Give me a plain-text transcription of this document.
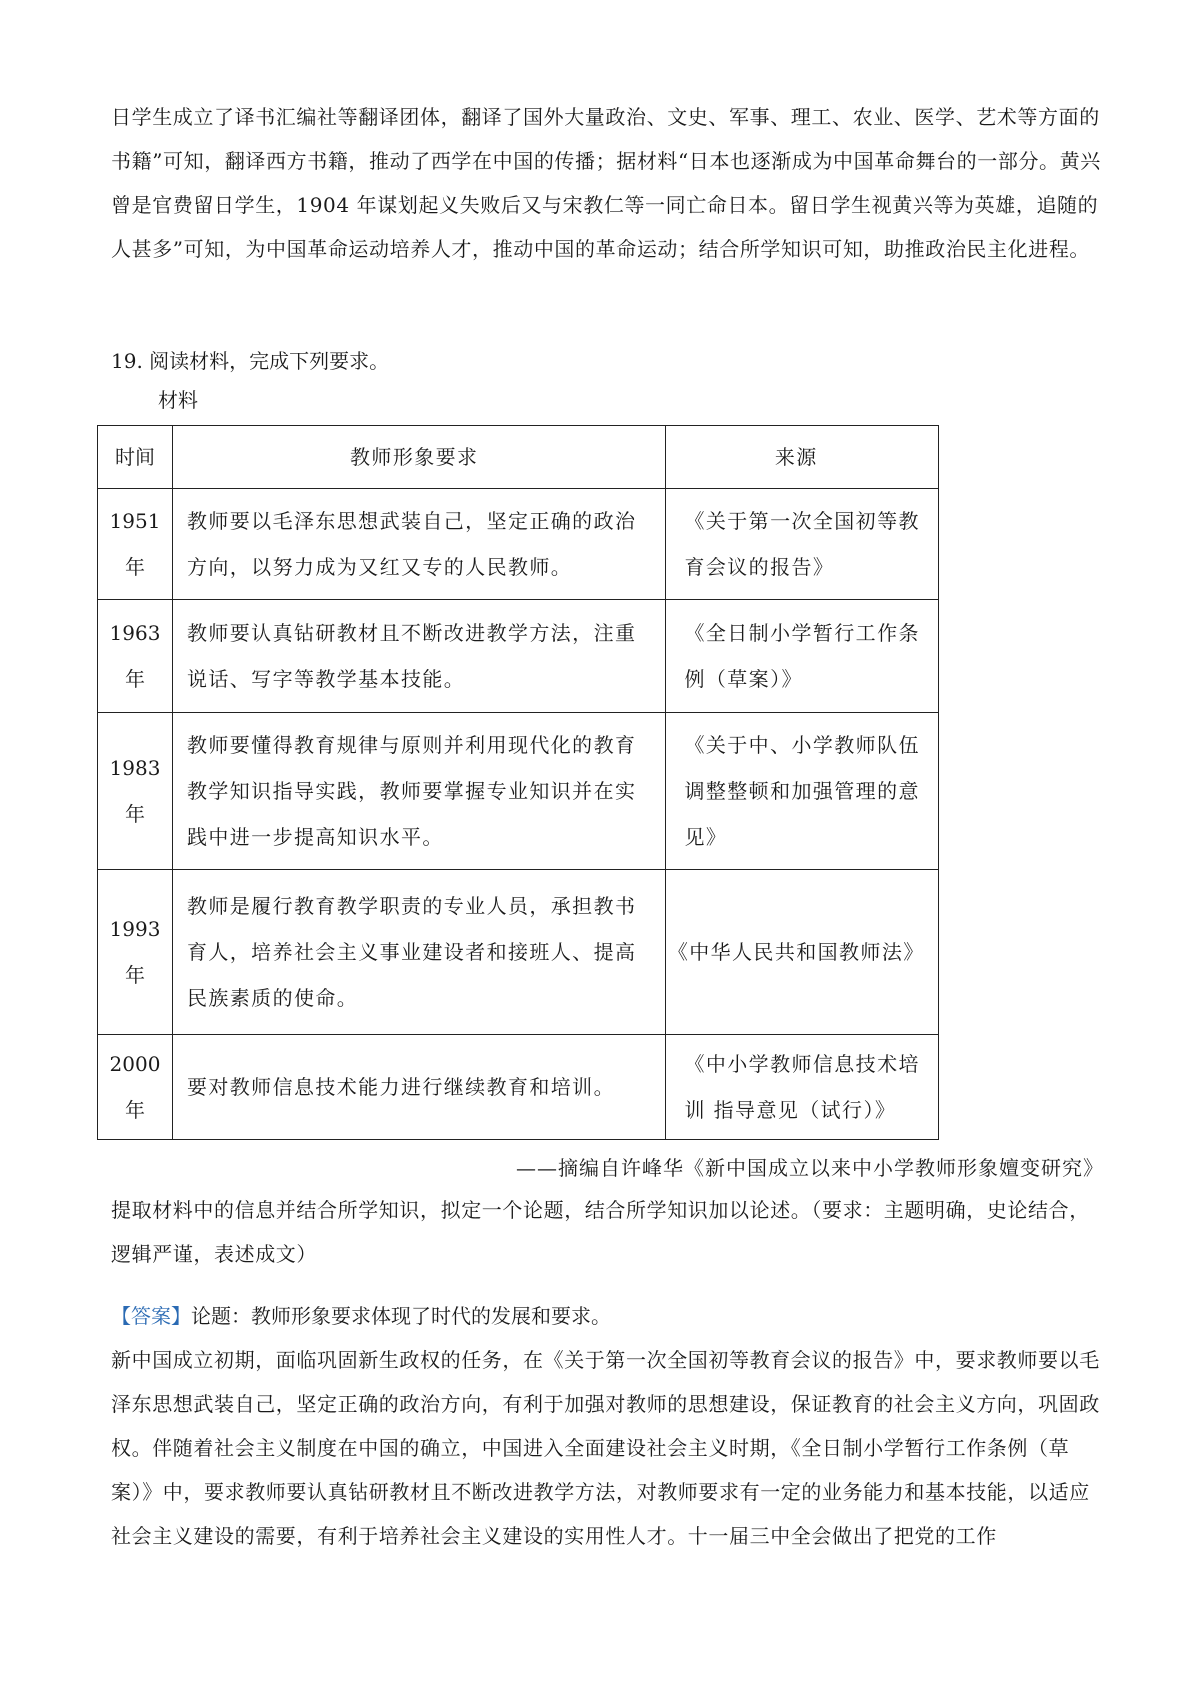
日学生成立了译书汇编社等翻译团体，翻译了国外大量政治、文史、军事、理工、农业、医学、艺术等方面的书籍”可知，翻译西方书籍，推动了西学在中国的传播；据材料“日本也逐渐成为中国革命舞台的一部分。黄兴曾是官费留日学生，1904 年谋划起义失败后又与宋教仁等一同亡命日本。留日学生视黄兴等为英雄，追随的人甚多”可知，为中国革命运动培养人才，推动中国的革命运动；结合所学知识可知，助推政治民主化进程。
19. 阅读材料，完成下列要求。
材料
时间	教师形象要求	来源
1951 年	教师要以毛泽东思想武装自己，坚定正确的政治方向，以努力成为又红又专的人民教师。	《关于第一次全国初等教育会议的报告》
1963 年	教师要认真钻研教材且不断改进教学方法，注重说话、写字等教学基本技能。	《全日制小学暂行工作条例（草案）》
1983 年	教师要懂得教育规律与原则并利用现代化的教育教学知识指导实践，教师要掌握专业知识并在实践中进一步提高知识水平。	《关于中、小学教师队伍调整整顿和加强管理的意见》
1993 年	教师是履行教育教学职责的专业人员，承担教书育人，培养社会主义事业建设者和接班人、提高民族素质的使命。	《中华人民共和国教师法》
2000 年	要对教师信息技术能力进行继续教育和培训。	《中小学教师信息技术培训 指导意见（试行）》
——摘编自许峰华《新中国成立以来中小学教师形象嬗变研究》
提取材料中的信息并结合所学知识，拟定一个论题，结合所学知识加以论述。（要求：主题明确，史论结合，逻辑严谨，表述成文）
【答案】论题：教师形象要求体现了时代的发展和要求。
新中国成立初期，面临巩固新生政权的任务，在《关于第一次全国初等教育会议的报告》中，要求教师要以毛泽东思想武装自己，坚定正确的政治方向，有利于加强对教师的思想建设，保证教育的社会主义方向，巩固政权。伴随着社会主义制度在中国的确立，中国进入全面建设社会主义时期，《全日制小学暂行工作条例（草案）》中，要求教师要认真钻研教材且不断改进教学方法，对教师要求有一定的业务能力和基本技能，以适应社会主义建设的需要，有利于培养社会主义建设的实用性人才。十一届三中全会做出了把党的工作
